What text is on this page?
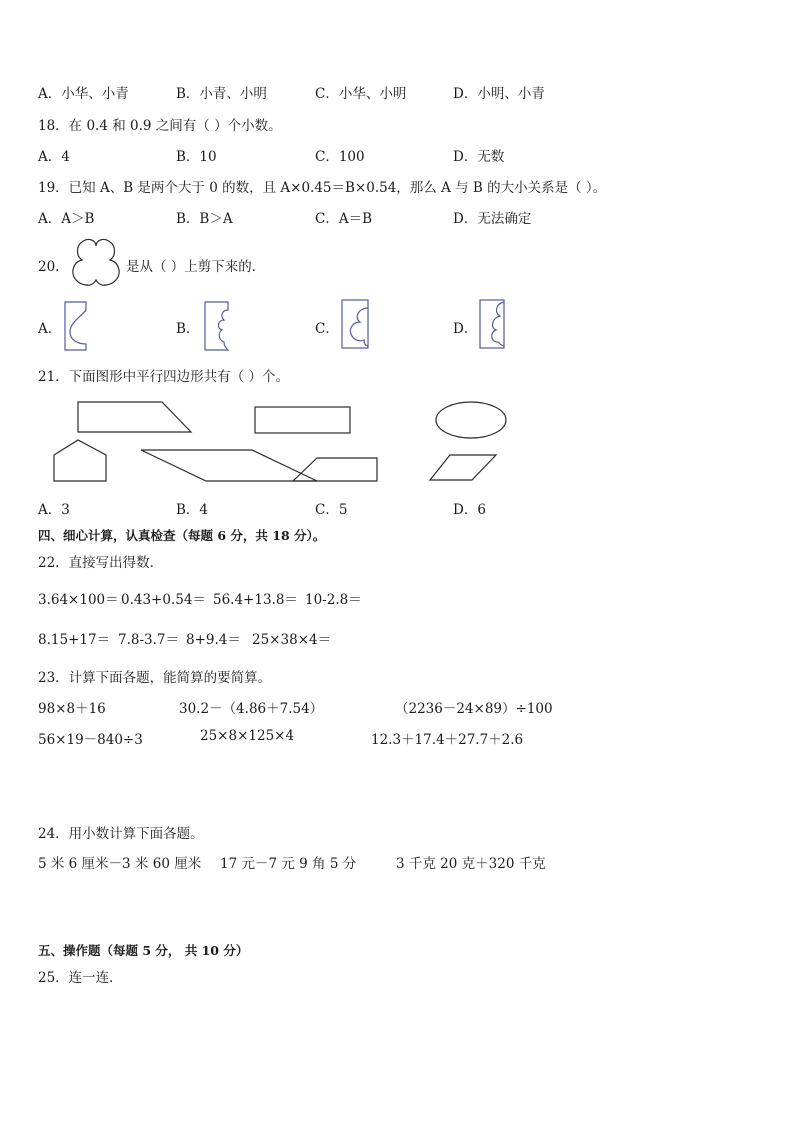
A．小华、小青	B．小青、小明	C．小华、小明	D．小明、小青
18．在 0.4 和 0.9 之间有（ ）个小数。
A．4	B．10	C．100	D．无数
19．已知 A、B 是两个大于 0 的数，且 A×0.45＝B×0.54，那么 A 与 B 的大小关系是（ ）。
A．A＞B	B．B＞A	C．A＝B	D．无法确定
20．	是从（ ）上剪下来的．
A．	B．	C．	D．
21．下面图形中平行四边形共有（ ）个。
A．3	B．4	C．5	D．6
四、细心计算，认真检查（每题 6 分，共 18 分）。
22．直接写出得数．
3.64×100＝ 0.43+0.54＝ 56.4+13.8＝ 10-2.8＝
8.15+17＝ 7.8-3.7＝ 8+9.4＝ 25×38×4＝
23．计算下面各题，能简算的要简算。
98×8＋16	30.2－（4.86＋7.54）	（2236－24×89）÷100
56×19－840÷3	25×8×125×4	12.3＋17.4＋27.7＋2.6
24．用小数计算下面各题。
5 米 6 厘米－3 米 60 厘米 17 元－7 元 9 角 5 分	3 千克 20 克＋320 千克
五、操作题（每题 5 分， 共 10 分）
25．连一连．
